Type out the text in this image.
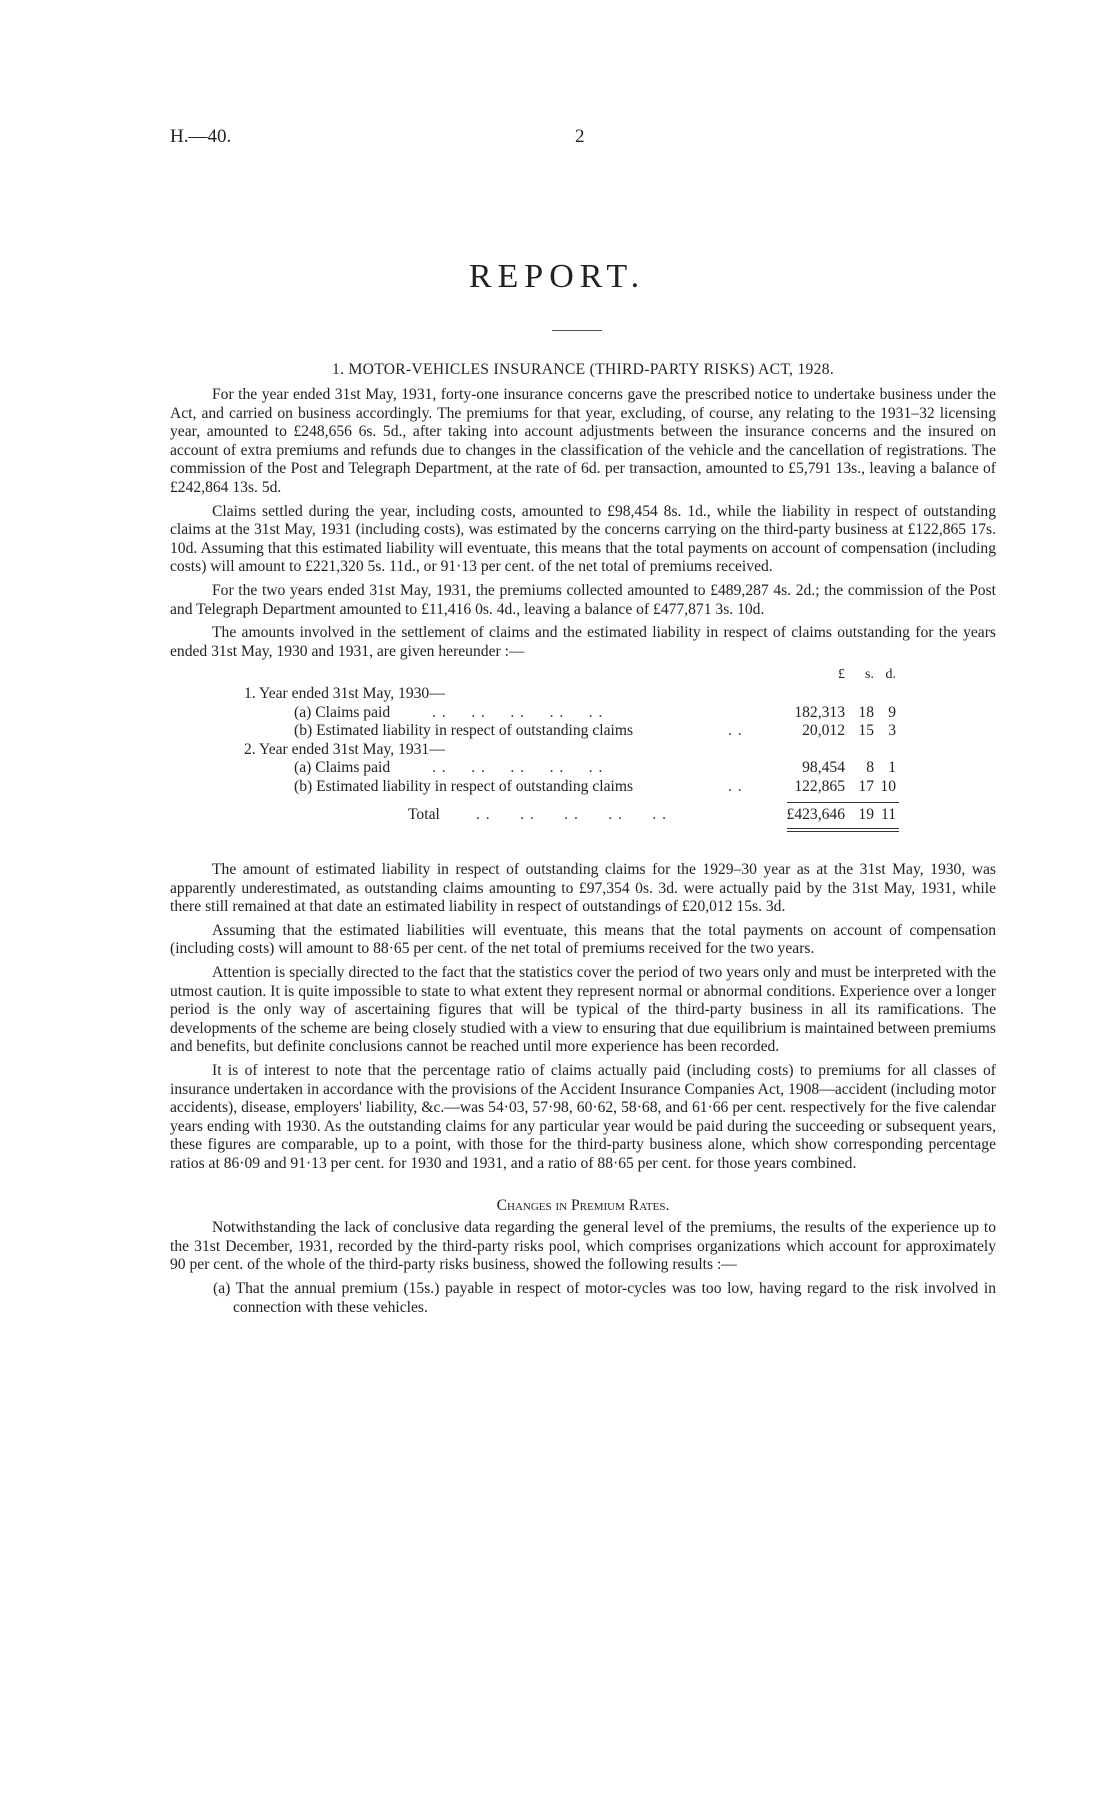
H.—40.	2
REPORT.
1. MOTOR-VEHICLES INSURANCE (THIRD-PARTY RISKS) ACT, 1928.

For the year ended 31st May, 1931, forty-one insurance concerns gave the prescribed notice to undertake business under the Act, and carried on business accordingly. The premiums for that year, excluding, of course, any relating to the 1931–32 licensing year, amounted to £248,656 6s. 5d., after taking into account adjustments between the insurance concerns and the insured on account of extra premiums and refunds due to changes in the classification of the vehicle and the cancellation of registrations. The commission of the Post and Telegraph Department, at the rate of 6d. per transaction, amounted to £5,791 13s., leaving a balance of £242,864 13s. 5d.

Claims settled during the year, including costs, amounted to £98,454 8s. 1d., while the liability in respect of outstanding claims at the 31st May, 1931 (including costs), was estimated by the concerns carrying on the third-party business at £122,865 17s. 10d. Assuming that this estimated liability will eventuate, this means that the total payments on account of compensation (including costs) will amount to £221,320 5s. 11d., or 91·13 per cent. of the net total of premiums received.

For the two years ended 31st May, 1931, the premiums collected amounted to £489,287 4s. 2d.; the commission of the Post and Telegraph Department amounted to £11,416 0s. 4d., leaving a balance of £477,871 3s. 10d.

The amounts involved in the settlement of claims and the estimated liability in respect of claims outstanding for the years ended 31st May, 1930 and 1931, are given hereunder :—

£	s. d.
1. Year ended 31st May, 1930—
(a) Claims paid	. .     . .     . .     . .     . .	182,313 18 9
(b) Estimated liability in respect of outstanding claims	. .	20,012 15 3
2. Year ended 31st May, 1931—
(a) Claims paid	. .     . .     . .     . .     . .	98,454	8 1
(b) Estimated liability in respect of outstanding claims	. .	122,865 17 10
Total . .      . .      . .      . .      . .	£423,646 19 11

The amount of estimated liability in respect of outstanding claims for the 1929–30 year as at the 31st May, 1930, was apparently underestimated, as outstanding claims amounting to £97,354 0s. 3d. were actually paid by the 31st May, 1931, while there still remained at that date an estimated liability in respect of outstandings of £20,012 15s. 3d.

Assuming that the estimated liabilities will eventuate, this means that the total payments on account of compensation (including costs) will amount to 88·65 per cent. of the net total of premiums received for the two years.

Attention is specially directed to the fact that the statistics cover the period of two years only and must be interpreted with the utmost caution. It is quite impossible to state to what extent they represent normal or abnormal conditions. Experience over a longer period is the only way of ascertaining figures that will be typical of the third-party business in all its ramifications. The developments of the scheme are being closely studied with a view to ensuring that due equilibrium is maintained between premiums and benefits, but definite conclusions cannot be reached until more experience has been recorded.

It is of interest to note that the percentage ratio of claims actually paid (including costs) to premiums for all classes of insurance undertaken in accordance with the provisions of the Accident Insurance Companies Act, 1908—accident (including motor accidents), disease, employers' liability, &c.—was 54·03, 57·98, 60·62, 58·68, and 61·66 per cent. respectively for the five calendar years ending with 1930. As the outstanding claims for any particular year would be paid during the succeeding or subsequent years, these figures are comparable, up to a point, with those for the third-party business alone, which show corresponding percentage ratios at 86·09 and 91·13 per cent. for 1930 and 1931, and a ratio of 88·65 per cent. for those years combined.

Changes in Premium Rates.

Notwithstanding the lack of conclusive data regarding the general level of the premiums, the results of the experience up to the 31st December, 1931, recorded by the third-party risks pool, which comprises organizations which account for approximately 90 per cent. of the whole of the third-party risks business, showed the following results :—

(a) That the annual premium (15s.) payable in respect of motor-cycles was too low, having regard to the risk involved in connection with these vehicles.
